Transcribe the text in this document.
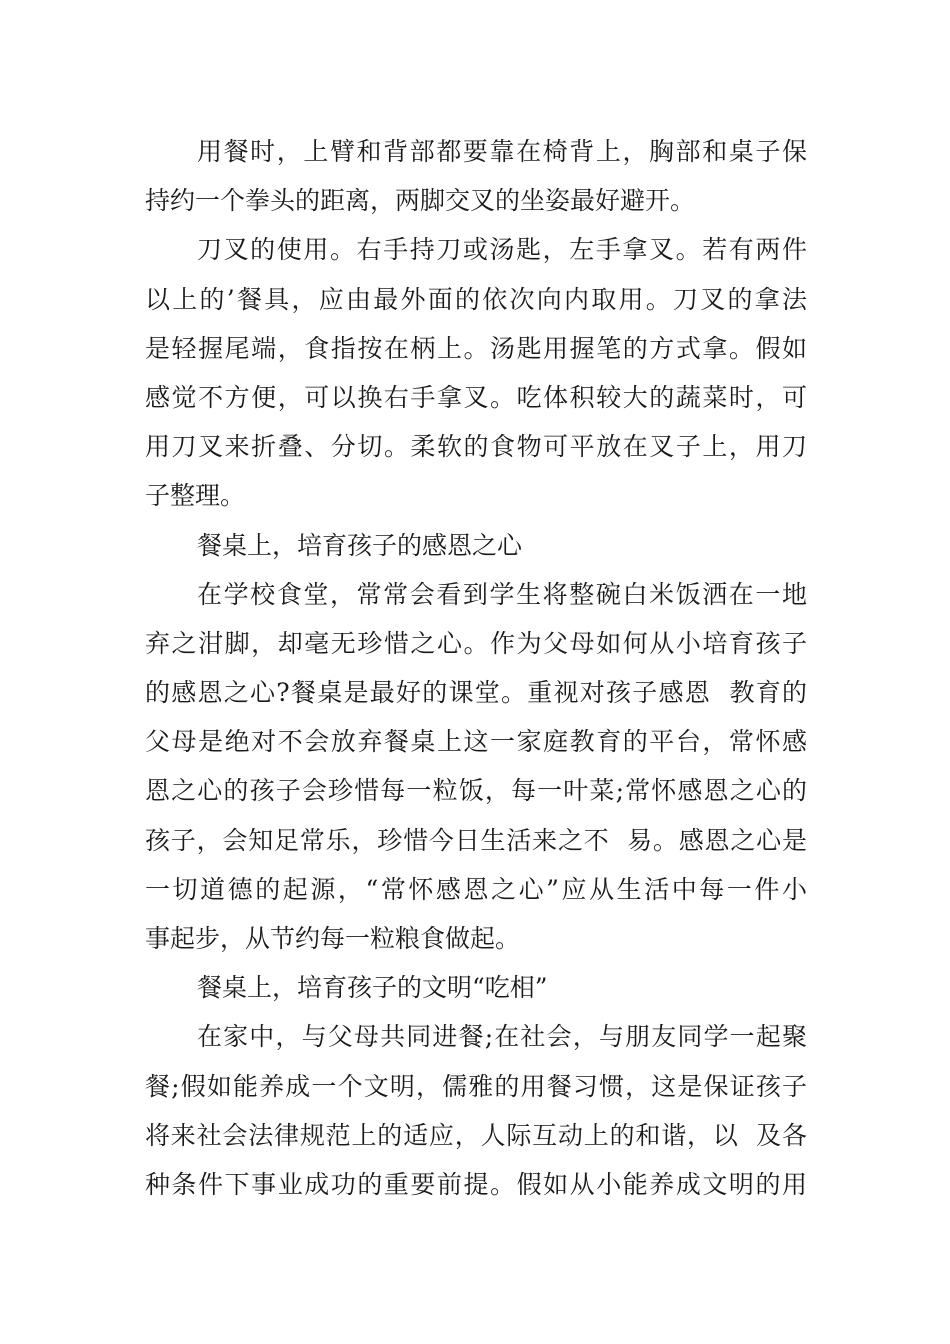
用餐时，上臂和背部都要靠在椅背上，胸部和桌子保
持约一个拳头的距离，两脚交叉的坐姿最好避开。
刀叉的使用。右手持刀或汤匙，左手拿叉。若有两件
以上的’餐具，应由最外面的依次向内取用。刀叉的拿法
是轻握尾端，食指按在柄上。汤匙用握笔的方式拿。假如
感觉不方便，可以换右手拿叉。吃体积较大的蔬菜时，可
用刀叉来折叠、分切。柔软的食物可平放在叉子上，用刀
子整理。
餐桌上，培育孩子的感恩之心
在学校食堂，常常会看到学生将整碗白米饭洒在一地
弃之泔脚，却毫无珍惜之心。作为父母如何从小培育孩子
的感恩之心?餐桌是最好的课堂。重视对孩子感恩  教育的
父母是绝对不会放弃餐桌上这一家庭教育的平台，常怀感
恩之心的孩子会珍惜每一粒饭，每一叶菜;常怀感恩之心的
孩子，会知足常乐，珍惜今日生活来之不  易。感恩之心是
一切道德的起源，“常怀感恩之心”应从生活中每一件小
事起步，从节约每一粒粮食做起。
餐桌上，培育孩子的文明“吃相”
在家中，与父母共同进餐;在社会，与朋友同学一起聚
餐;假如能养成一个文明，儒雅的用餐习惯，这是保证孩子
将来社会法律规范上的适应，人际互动上的和谐，以  及各
种条件下事业成功的重要前提。假如从小能养成文明的用
